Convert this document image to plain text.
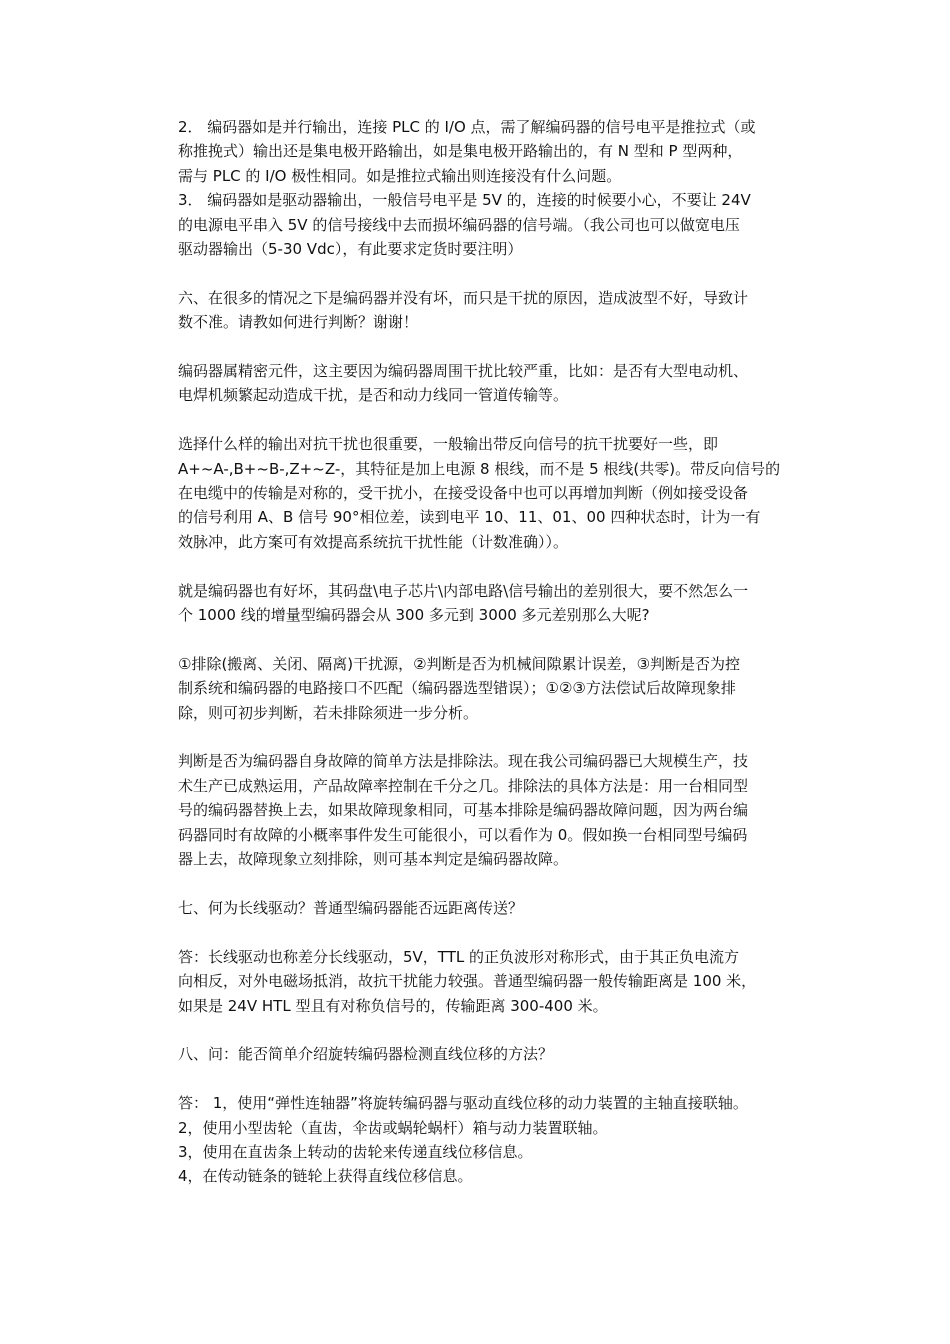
2． 编码器如是并行输出，连接 PLC 的 I/O 点，需了解编码器的信号电平是推拉式（或
称推挽式）输出还是集电极开路输出，如是集电极开路输出的，有 N 型和 P 型两种，
需与 PLC 的 I/O 极性相同。如是推拉式输出则连接没有什么问题。
3． 编码器如是驱动器输出，一般信号电平是 5V 的，连接的时候要小心，不要让 24V
的电源电平串入 5V 的信号接线中去而损坏编码器的信号端。（我公司也可以做宽电压
驱动器输出（5-30 Vdc），有此要求定货时要注明）
六、在很多的情况之下是编码器并没有坏，而只是干扰的原因，造成波型不好，导致计
数不准。请教如何进行判断？谢谢！
编码器属精密元件，这主要因为编码器周围干扰比较严重，比如：是否有大型电动机、
电焊机频繁起动造成干扰，是否和动力线同一管道传输等。
选择什么样的输出对抗干扰也很重要，一般输出带反向信号的抗干扰要好一些，即
A+~A-,B+~B-,Z+~Z-，其特征是加上电源 8 根线，而不是 5 根线(共零)。带反向信号的
在电缆中的传输是对称的，受干扰小，在接受设备中也可以再增加判断（例如接受设备
的信号利用 A、B 信号 90°相位差，读到电平 10、11、01、00 四种状态时，计为一有
效脉冲，此方案可有效提高系统抗干扰性能（计数准确））。
就是编码器也有好坏，其码盘\电子芯片\内部电路\信号输出的差别很大，要不然怎么一
个 1000 线的增量型编码器会从 300 多元到 3000 多元差别那么大呢?
①排除(搬离、关闭、隔离)干扰源，②判断是否为机械间隙累计误差，③判断是否为控
制系统和编码器的电路接口不匹配（编码器选型错误）；①②③方法偿试后故障现象排
除，则可初步判断，若未排除须进一步分析。
判断是否为编码器自身故障的简单方法是排除法。现在我公司编码器已大规模生产，技
术生产已成熟运用，产品故障率控制在千分之几。排除法的具体方法是：用一台相同型
号的编码器替换上去，如果故障现象相同，可基本排除是编码器故障问题，因为两台编
码器同时有故障的小概率事件发生可能很小，可以看作为 0。假如换一台相同型号编码
器上去，故障现象立刻排除，则可基本判定是编码器故障。
七、何为长线驱动？普通型编码器能否远距离传送？
答：长线驱动也称差分长线驱动，5V，TTL 的正负波形对称形式，由于其正负电流方
向相反，对外电磁场抵消，故抗干扰能力较强。普通型编码器一般传输距离是 100 米，
如果是 24V HTL 型且有对称负信号的，传输距离 300-400 米。
八、问：能否简单介绍旋转编码器检测直线位移的方法？
答： 1，使用“弹性连轴器”将旋转编码器与驱动直线位移的动力装置的主轴直接联轴。
2，使用小型齿轮（直齿，伞齿或蜗轮蜗杆）箱与动力装置联轴。
3，使用在直齿条上转动的齿轮来传递直线位移信息。
4，在传动链条的链轮上获得直线位移信息。
